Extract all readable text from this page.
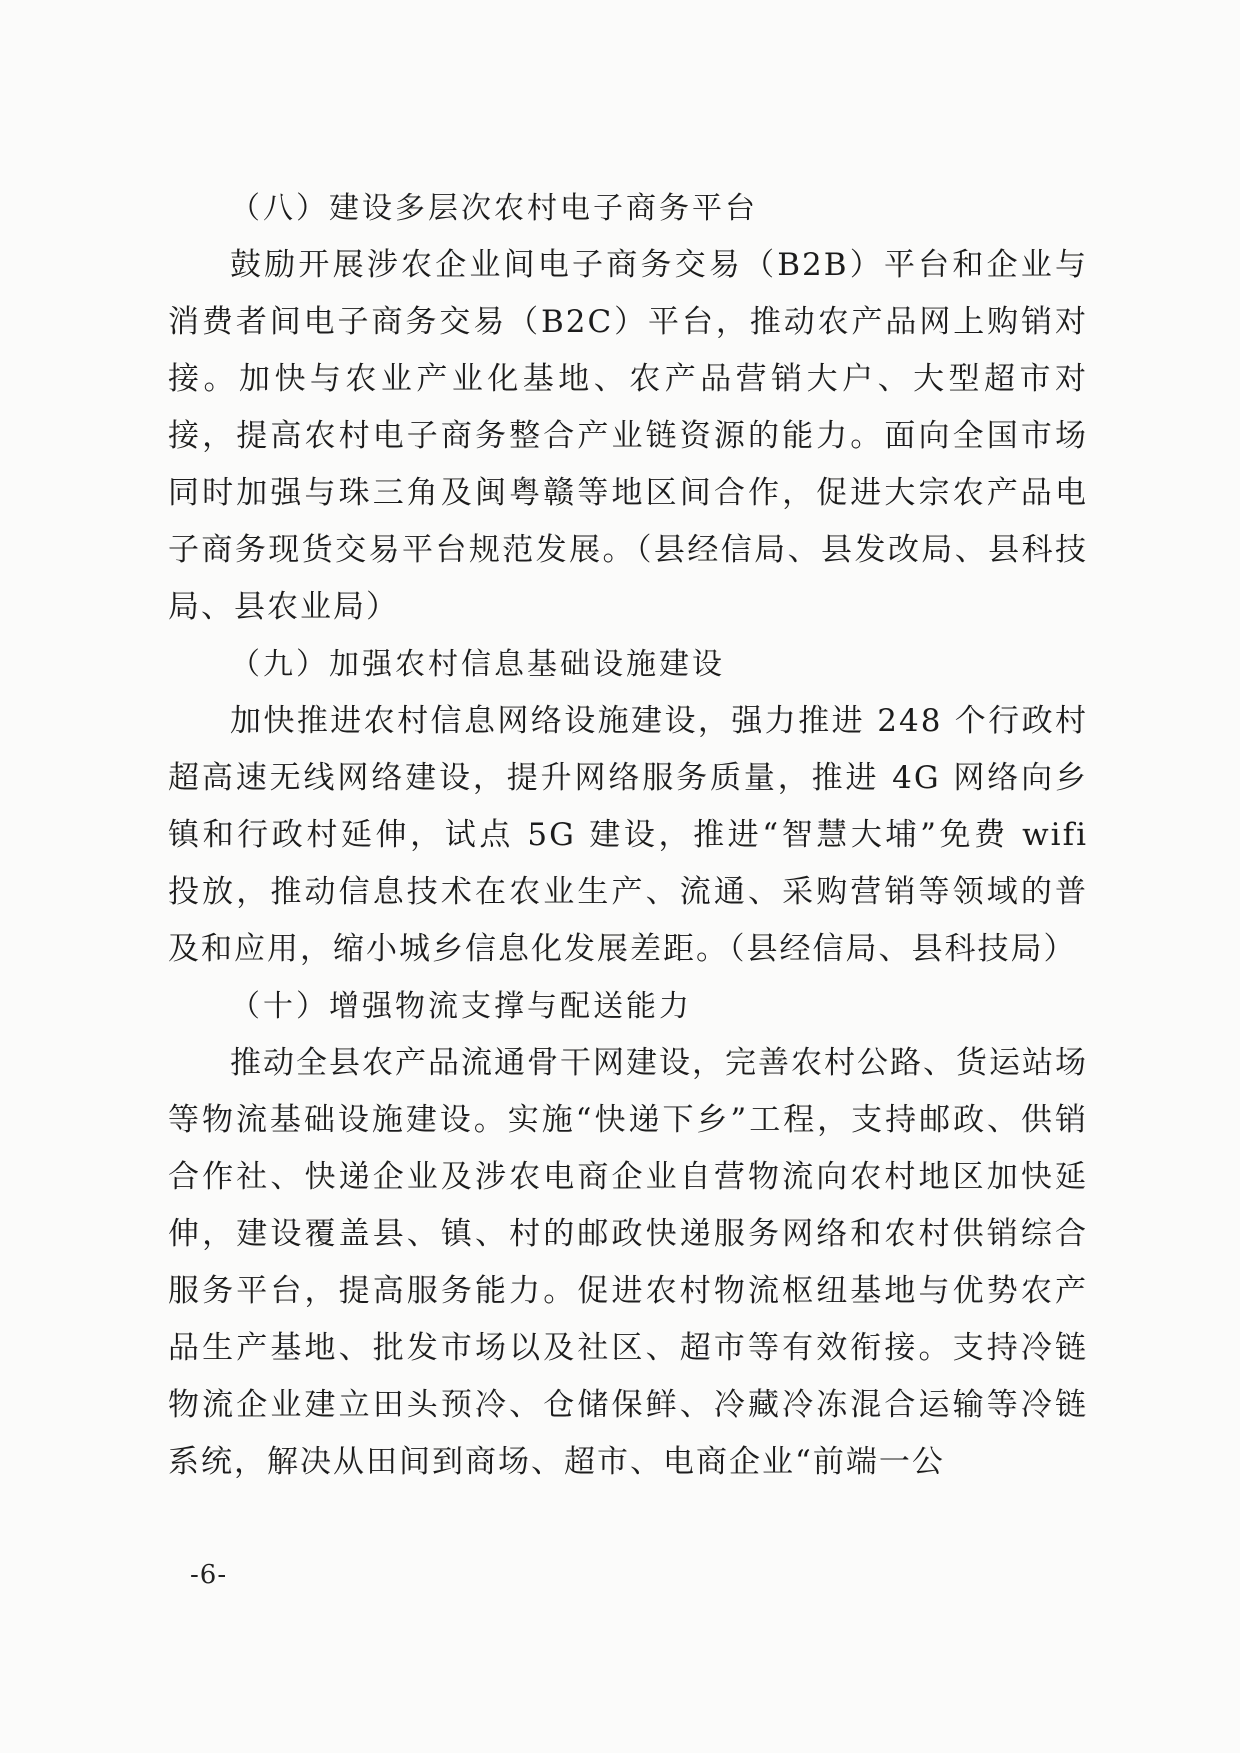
（八）建设多层次农村电子商务平台

鼓励开展涉农企业间电子商务交易（B2B）平台和企业与消费者间电子商务交易（B2C）平台，推动农产品网上购销对接。加快与农业产业化基地、农产品营销大户、大型超市对接，提高农村电子商务整合产业链资源的能力。面向全国市场同时加强与珠三角及闽粤赣等地区间合作，促进大宗农产品电子商务现货交易平台规范发展。（县经信局、县发改局、县科技局、县农业局）

（九）加强农村信息基础设施建设

加快推进农村信息网络设施建设，强力推进 248 个行政村超高速无线网络建设，提升网络服务质量，推进 4G 网络向乡镇和行政村延伸，试点 5G 建设，推进“智慧大埔”免费 wifi 投放，推动信息技术在农业生产、流通、采购营销等领域的普及和应用，缩小城乡信息化发展差距。（县经信局、县科技局）

（十）增强物流支撑与配送能力

推动全县农产品流通骨干网建设，完善农村公路、货运站场等物流基础设施建设。实施“快递下乡”工程，支持邮政、供销合作社、快递企业及涉农电商企业自营物流向农村地区加快延伸，建设覆盖县、镇、村的邮政快递服务网络和农村供销综合服务平台，提高服务能力。促进农村物流枢纽基地与优势农产品生产基地、批发市场以及社区、超市等有效衔接。支持冷链物流企业建立田头预冷、仓储保鲜、冷藏冷冻混合运输等冷链系统，解决从田间到商场、超市、电商企业“前端一公

-6-
